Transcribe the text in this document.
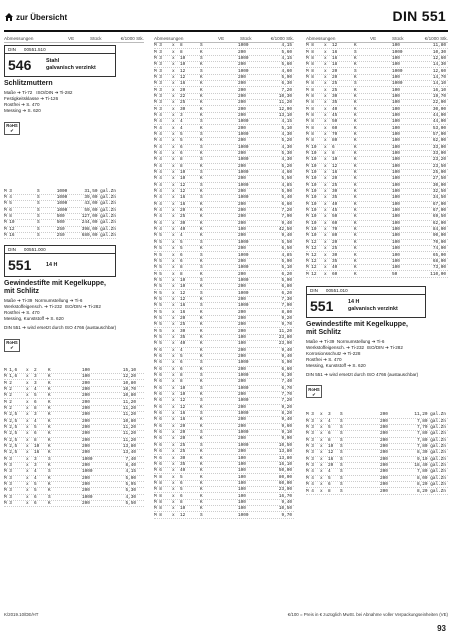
zur Übersicht	DIN 551
Abmessungen	VE	Stück	€/1000 Stk.
DIN 00551.510
546	Stahl
galvanisch verzinkt
Schlitzmuttern
Maße ➔ Ti-72 ISO/DIN ➔ Ti-282
Festigkeitsklasse ➔ Ti-126
Rostfrei ➔ S. 470
Messing ➔ S. 620
RoHS
✔
M 3	S	1000	31,50 gal.Zn
M 4	S	1000	39,00 gal.Zn
M 5	S	1000	43,00 gal.Zn
M 6	S	1000	59,00 gal.Zn
M 8	S	500	127,00 gal.Zn
M 10	S	500	244,00 gal.Zn
M 12	S	250	398,00 gal.Zn
M 16	S	250	680,00 gal.Zn
DIN 00551.000
551	14 H
Gewindestifte mit Kegelkuppe, mit Schlitz
Maße ➔ Ti-39 Normumstellung ➔ Ti-6
Werkstoffeigensch. ➔ Ti-232 ISO/DIN ➔ Ti-282
Rostfrei ➔ S. 470
Messing, Kunststoff ➔ S. 620
DIN 551 ➔ wird ersetzt durch ISO 4766 (austauschbar)
RoHS
✔
M 1,6	x	2	K	100	15,10
M 1,6	x	3	K	100	12,20
M 2	x	3	K	200	10,80
M 2	x	4	K	200	10,70
M 2	x	5	K	200	10,80
M 2	x	6	K	200	11,20
M 2	x	8	K	200	11,20
M 2,5	x	3	K	200	11,20
M 2,5	x	4	K	200	10,80
M 2,5	x	5	K	200	11,20
M 2,5	x	6	K	200	11,20
M 2,5	x	8	K	200	11,20
M 2,5	x	10	K	200	13,80
M 2,5	x	16	K	200	13,40
M 3	x	3	S	1000	7,40
M 3	x	3	K	200	8,40
M 3	x	4	S	1000	4,15
M 3	x	4	K	200	5,00
M 3	x	5	K	200	5,95
M 3	x	5	K	200	5,30
M 3	x	6	S	1000	4,30
M 3	x	6	K	200	5,50
Abmessungen	VE	Stück	€/1000 Stk.
M 3	x	8	S	1000	4,15
M 3	x	8	K	200	5,60
M 3	x	10	S	1000	4,15
M 3	x	10	K	200	5,60
M 3	x	12	S	1000	4,60
M 3	x	12	K	200	5,90
M 3	x	16	K	200	6,30
M 3	x	20	K	200	7,20
M 3	x	22	K	200	10,30
M 3	x	25	K	200	11,20
M 3	x	30	K	200	12,90
M 4	x	3	K	200	13,10
M 4	x	4	S	1000	4,15
M 4	x	4	K	200	5,10
M 4	x	5	S	1000	4,30
M 4	x	5	K	200	5,20
M 4	x	6	S	1000	4,30
M 4	x	6	K	200	5,30
M 4	x	8	S	1000	4,30
M 4	x	8	K	200	5,20
M 4	x	10	S	1000	4,60
M 4	x	10	K	200	5,50
M 4	x	12	S	1000	4,85
M 4	x	12	K	200	5,90
M 4	x	16	S	1000	5,40
M 4	x	16	K	200	6,60
M 4	x	20	K	200	7,20
M 4	x	25	K	200	7,90
M 4	x	30	K	200	9,40
M 4	x	40	K	100	42,50
M 5	x	4	K	200	9,40
M 5	x	5	S	1000	5,50
M 5	x	5	K	200	6,50
M 5	x	6	S	1000	4,85
M 5	x	6	K	200	5,90
M 5	x	8	S	1000	5,10
M 5	x	8	K	200	6,20
M 5	x	10	S	1000	5,90
M 5	x	10	K	200	6,80
M 5	x	12	S	1000	6,20
M 5	x	12	K	200	7,30
M 5	x	16	S	1000	7,90
M 5	x	16	K	200	8,80
M 5	x	20	K	200	9,20
M 5	x	25	K	200	9,70
M 5	x	30	K	200	11,20
M 5	x	35	K	100	23,80
M 5	x	40	K	100	23,90
M 6	x	4	K	200	9,40
M 6	x	5	K	200	9,40
M 6	x	6	S	1000	5,90
M 6	x	6	K	200	6,60
M 6	x	8	S	1000	6,30
M 6	x	8	K	200	7,40
M 6	x	10	S	1000	6,70
M 6	x	10	K	200	7,70
M 6	x	12	S	1000	7,20
M 6	x	12	K	200	9,20
M 6	x	16	S	1000	8,20
M 6	x	16	K	200	9,40
M 6	x	20	K	200	9,60
M 6	x	20	S	1000	9,10
M 6	x	20	K	200	9,90
M 6	x	25	S	1000	10,50
M 6	x	25	K	200	13,80
M 6	x	30	K	100	13,80
M 6	x	35	K	100	16,10
M 6	x	40	K	100	50,00
M 8	x	5	K	100	80,00
M 8	x	6	K	100	60,00
M 8	x	5	K	100	23,90
M 8	x	6	K	100	16,70
M 8	x	8	K	100	9,40
M 8	x	10	K	100	10,50
M 8	x	12	S	1000	9,70
Abmessungen	VE	Stück	€/1000 Stk.
M 8	x	12	K	100	11,80
M 8	x	16	S	1000	10,30
M 8	x	16	K	100	12,60
M 8	x	18	K	100	14,30
M 8	x	20	S	1000	12,60
M 8	x	20	K	100	14,70
M 8	x	25	S	1000	14,10
M 8	x	25	K	100	16,10
M 8	x	30	K	100	19,70
M 8	x	35	K	100	22,00
M 8	x	40	K	100	30,00
M 8	x	45	K	100	44,00
M 8	x	50	K	100	44,00
M 8	x	60	K	100	53,00
M 8	x	70	K	100	57,00
M 8	x	80	K	100	62,00
M 10	x	6	K	100	33,00
M 10	x	8	K	100	33,00
M 10	x	10	K	100	23,20
M 10	x	12	K	100	23,50
M 10	x	16	K	100	25,00
M 10	x	20	K	100	27,50
M 10	x	25	K	100	30,00
M 10	x	30	K	100	32,50
M 10	x	35	K	100	34,50
M 10	x	40	K	100	67,00
M 10	x	45	K	100	67,00
M 10	x	50	K	100	69,50
M 10	x	60	K	100	62,00
M 10	x	70	K	100	84,00
M 10	x	80	K	100	90,00
M 12	x	20	K	100	70,00
M 12	x	25	K	100	74,00
M 12	x	30	K	100	65,00
M 12	x	35	K	100	68,00
M 12	x	40	K	100	73,00
M 12	x	60	K	50	110,00
DIN 00551.010
551	14 H
galvanisch verzinkt
Gewindestifte mit Kegelkuppe, mit Schlitz
Maße ➔ Ti-39 Normumstellung ➔ Ti-6
Werkstoffeigensch. ➔ Ti-232 ISO/DIN ➔ Ti-282
Korrosionsschutz ➔ Ti-228
Rostfrei ➔ S. 470
Messing, Kunststoff ➔ S. 620
DIN 551 ➔ wird ersetzt durch ISO 4766 (austauschbar)
RoHS
✔
M 3	x	3	S	200	11,20 gal.Zn
M 3	x	4	S	200	7,80 gal.Zn
M 3	x	5	S	200	7,70 gal.Zn
M 3	x	6	S	200	7,80 gal.Zn
M 3	x	8	S	200	7,80 gal.Zn
M 3	x	10	S	200	7,80 gal.Zn
M 3	x	12	S	200	8,30 gal.Zn
M 3	x	16	S	200	9,10 gal.Zn
M 3	x	20	S	200	18,40 gal.Zn
M 4	x	4	S	200	7,80 gal.Zn
M 4	x	5	S	200	8,00 gal.Zn
M 4	x	6	S	200	8,20 gal.Zn
M 4	x	8	S	200	8,20 gal.Zn
K/2019.10/DE/HT	€/100 = Preis in € zuzüglich MwSt. bei Abnahme voller Verpackungseinheiten (VE)
93
